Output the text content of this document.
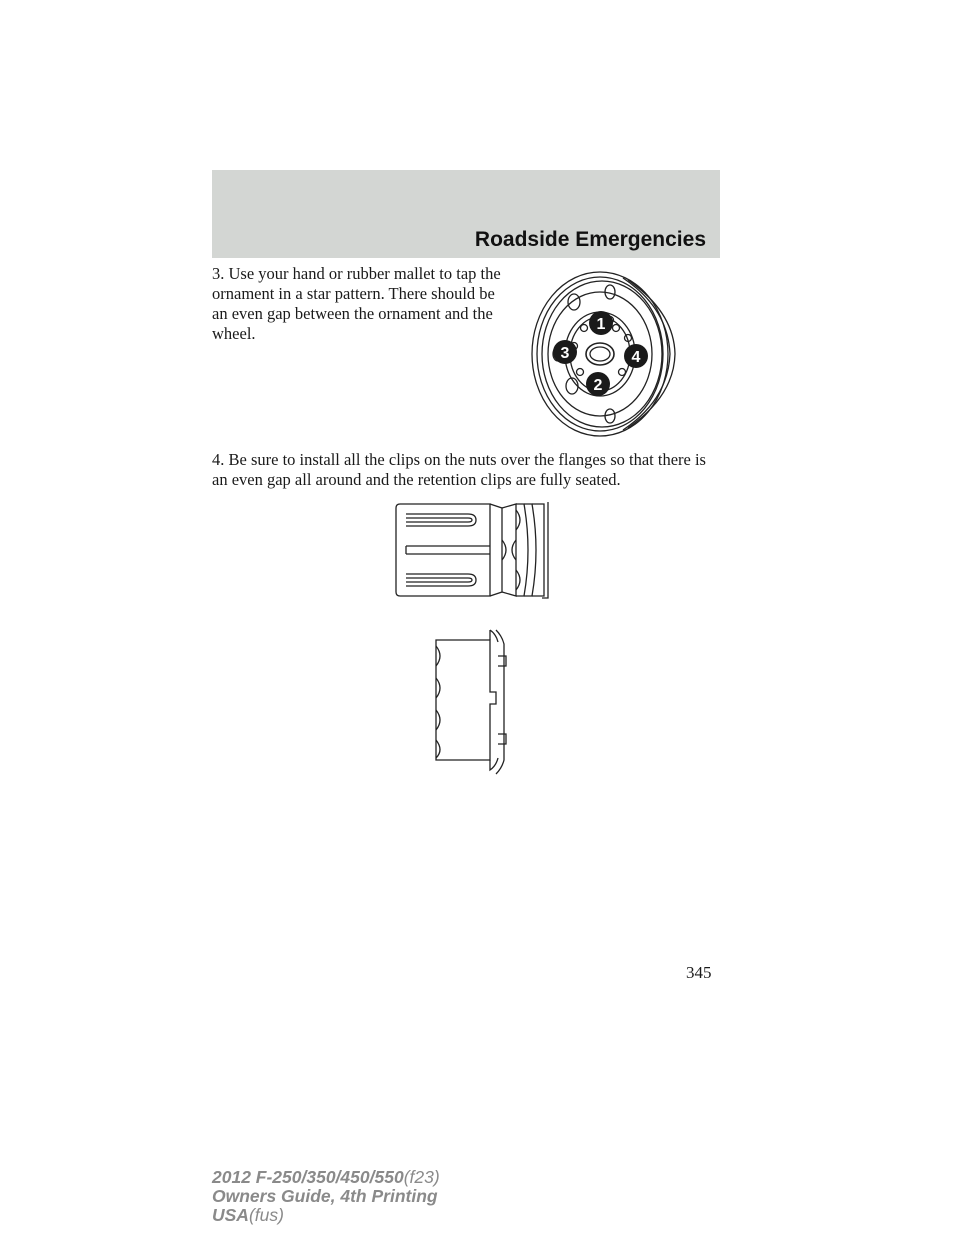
Roadside Emergencies

3. Use your hand or rubber mallet to tap the ornament in a star pattern. There should be an even gap between the ornament and the wheel.	1
2
3	4

4. Be sure to install all the clips on the nuts over the flanges so that there is an even gap all around and the retention clips are fully seated.

345
2012 F-250/350/450/550(f23)
Owners Guide, 4th Printing
USA(fus)
